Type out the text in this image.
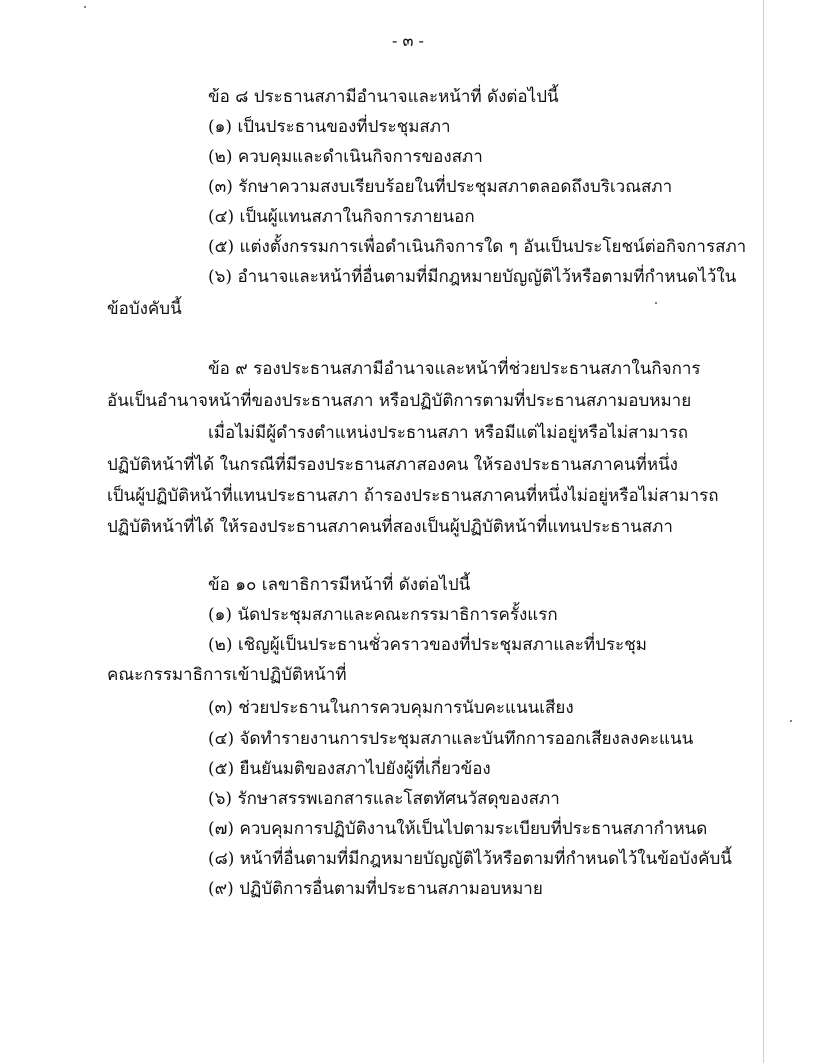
- ๓ -
ข้อ ๘ ประธานสภามีอำนาจและหน้าที่ ดังต่อไปนี้
(๑) เป็นประธานของที่ประชุมสภา
(๒) ควบคุมและดำเนินกิจการของสภา
(๓) รักษาความสงบเรียบร้อยในที่ประชุมสภาตลอดถึงบริเวณสภา
(๔) เป็นผู้แทนสภาในกิจการภายนอก
(๕) แต่งตั้งกรรมการเพื่อดำเนินกิจการใด ๆ อันเป็นประโยชน์ต่อกิจการสภา
(๖) อำนาจและหน้าที่อื่นตามที่มีกฎหมายบัญญัติไว้หรือตามที่กำหนดไว้ใน
ข้อบังคับนี้
ข้อ ๙ รองประธานสภามีอำนาจและหน้าที่ช่วยประธานสภาในกิจการ
อันเป็นอำนาจหน้าที่ของประธานสภา หรือปฏิบัติการตามที่ประธานสภามอบหมาย
เมื่อไม่มีผู้ดำรงตำแหน่งประธานสภา หรือมีแต่ไม่อยู่หรือไม่สามารถ
ปฏิบัติหน้าที่ได้ ในกรณีที่มีรองประธานสภาสองคน ให้รองประธานสภาคนที่หนึ่ง
เป็นผู้ปฏิบัติหน้าที่แทนประธานสภา ถ้ารองประธานสภาคนที่หนึ่งไม่อยู่หรือไม่สามารถ
ปฏิบัติหน้าที่ได้ ให้รองประธานสภาคนที่สองเป็นผู้ปฏิบัติหน้าที่แทนประธานสภา
ข้อ ๑๐ เลขาธิการมีหน้าที่ ดังต่อไปนี้
(๑) นัดประชุมสภาและคณะกรรมาธิการครั้งแรก
(๒) เชิญผู้เป็นประธานชั่วคราวของที่ประชุมสภาและที่ประชุม
คณะกรรมาธิการเข้าปฏิบัติหน้าที่
(๓) ช่วยประธานในการควบคุมการนับคะแนนเสียง
(๔) จัดทำรายงานการประชุมสภาและบันทึกการออกเสียงลงคะแนน
(๕) ยืนยันมติของสภาไปยังผู้ที่เกี่ยวข้อง
(๖) รักษาสรรพเอกสารและโสตทัศนวัสดุของสภา
(๗) ควบคุมการปฏิบัติงานให้เป็นไปตามระเบียบที่ประธานสภากำหนด
(๘) หน้าที่อื่นตามที่มีกฎหมายบัญญัติไว้หรือตามที่กำหนดไว้ในข้อบังคับนี้
(๙) ปฏิบัติการอื่นตามที่ประธานสภามอบหมาย
